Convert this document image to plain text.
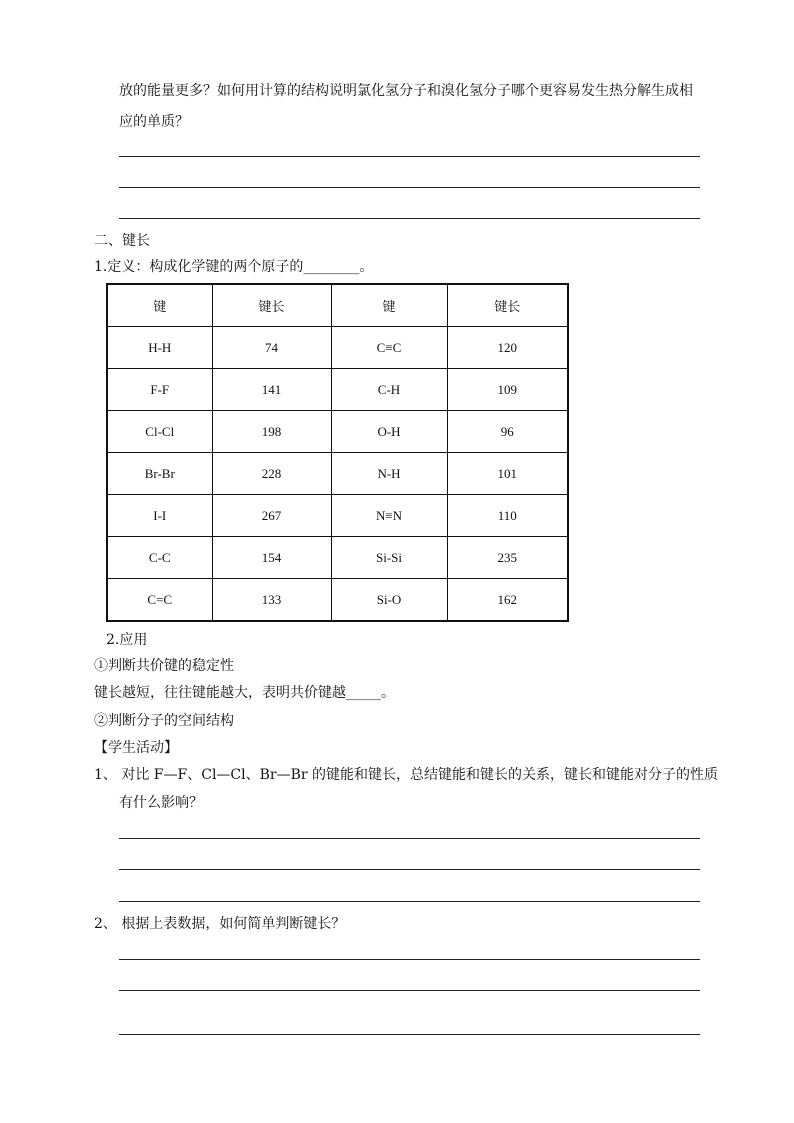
放的能量更多？如何用计算的结构说明氯化氢分子和溴化氢分子哪个更容易发生热分解生成相
应的单质？
二、键长
1.定义：构成化学键的两个原子的________。
键	键长	键	键长
H-H	74	C≡C	120
F-F	141	C-H	109
Cl-Cl	198	O-H	96
Br-Br	228	N-H	101
I-I	267	N≡N	110
C-C	154	Si-Si	235
C=C	133	Si-O	162
2.应用
①判断共价键的稳定性
键长越短，往往键能越大，表明共价键越_____。
②判断分子的空间结构
【学生活动】
1、 对比 F—F、Cl—Cl、Br—Br 的键能和键长，总结键能和键长的关系，键长和键能对分子的性质
有什么影响？
2、 根据上表数据，如何简单判断键长？
